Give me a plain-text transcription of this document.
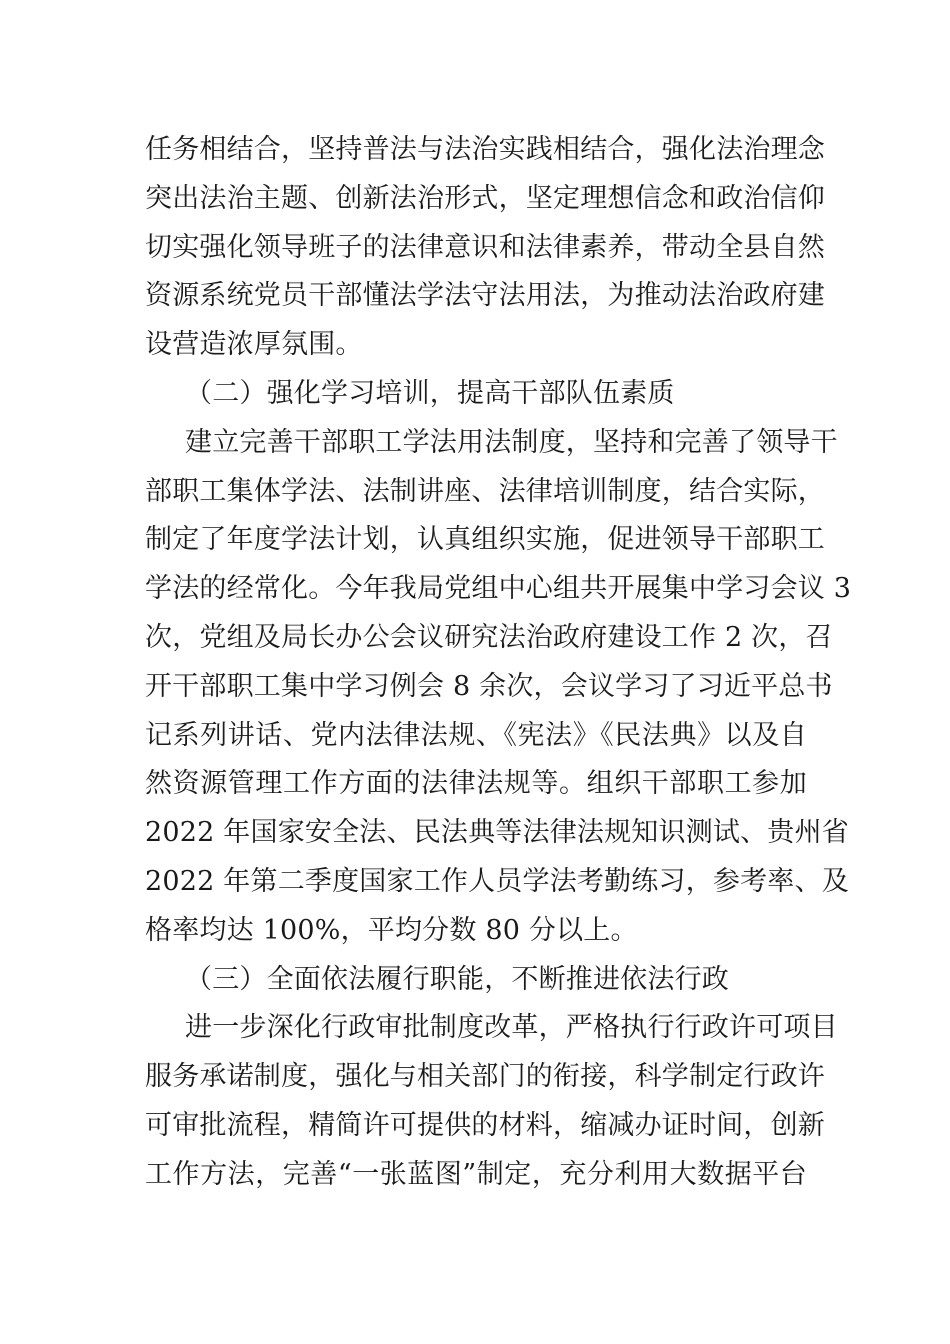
任务相结合，坚持普法与法治实践相结合，强化法治理念
突出法治主题、创新法治形式，坚定理想信念和政治信仰
切实强化领导班子的法律意识和法律素养，带动全县自然
资源系统党员干部懂法学法守法用法，为推动法治政府建
设营造浓厚氛围。
（二）强化学习培训，提高干部队伍素质
建立完善干部职工学法用法制度，坚持和完善了领导干
部职工集体学法、法制讲座、法律培训制度，结合实际，
制定了年度学法计划，认真组织实施，促进领导干部职工
学法的经常化。今年我局党组中心组共开展集中学习会议 3
次，党组及局长办公会议研究法治政府建设工作 2 次，召
开干部职工集中学习例会 8 余次，会议学习了习近平总书
记系列讲话、党内法律法规、《宪法》《民法典》以及自
然资源管理工作方面的法律法规等。组织干部职工参加
2022 年国家安全法、民法典等法律法规知识测试、贵州省
2022 年第二季度国家工作人员学法考勤练习，参考率、及
格率均达 100%，平均分数 80 分以上。
（三）全面依法履行职能，不断推进依法行政
进一步深化行政审批制度改革，严格执行行政许可项目
服务承诺制度，强化与相关部门的衔接，科学制定行政许
可审批流程，精简许可提供的材料，缩减办证时间，创新
工作方法，完善“一张蓝图”制定，充分利用大数据平台
